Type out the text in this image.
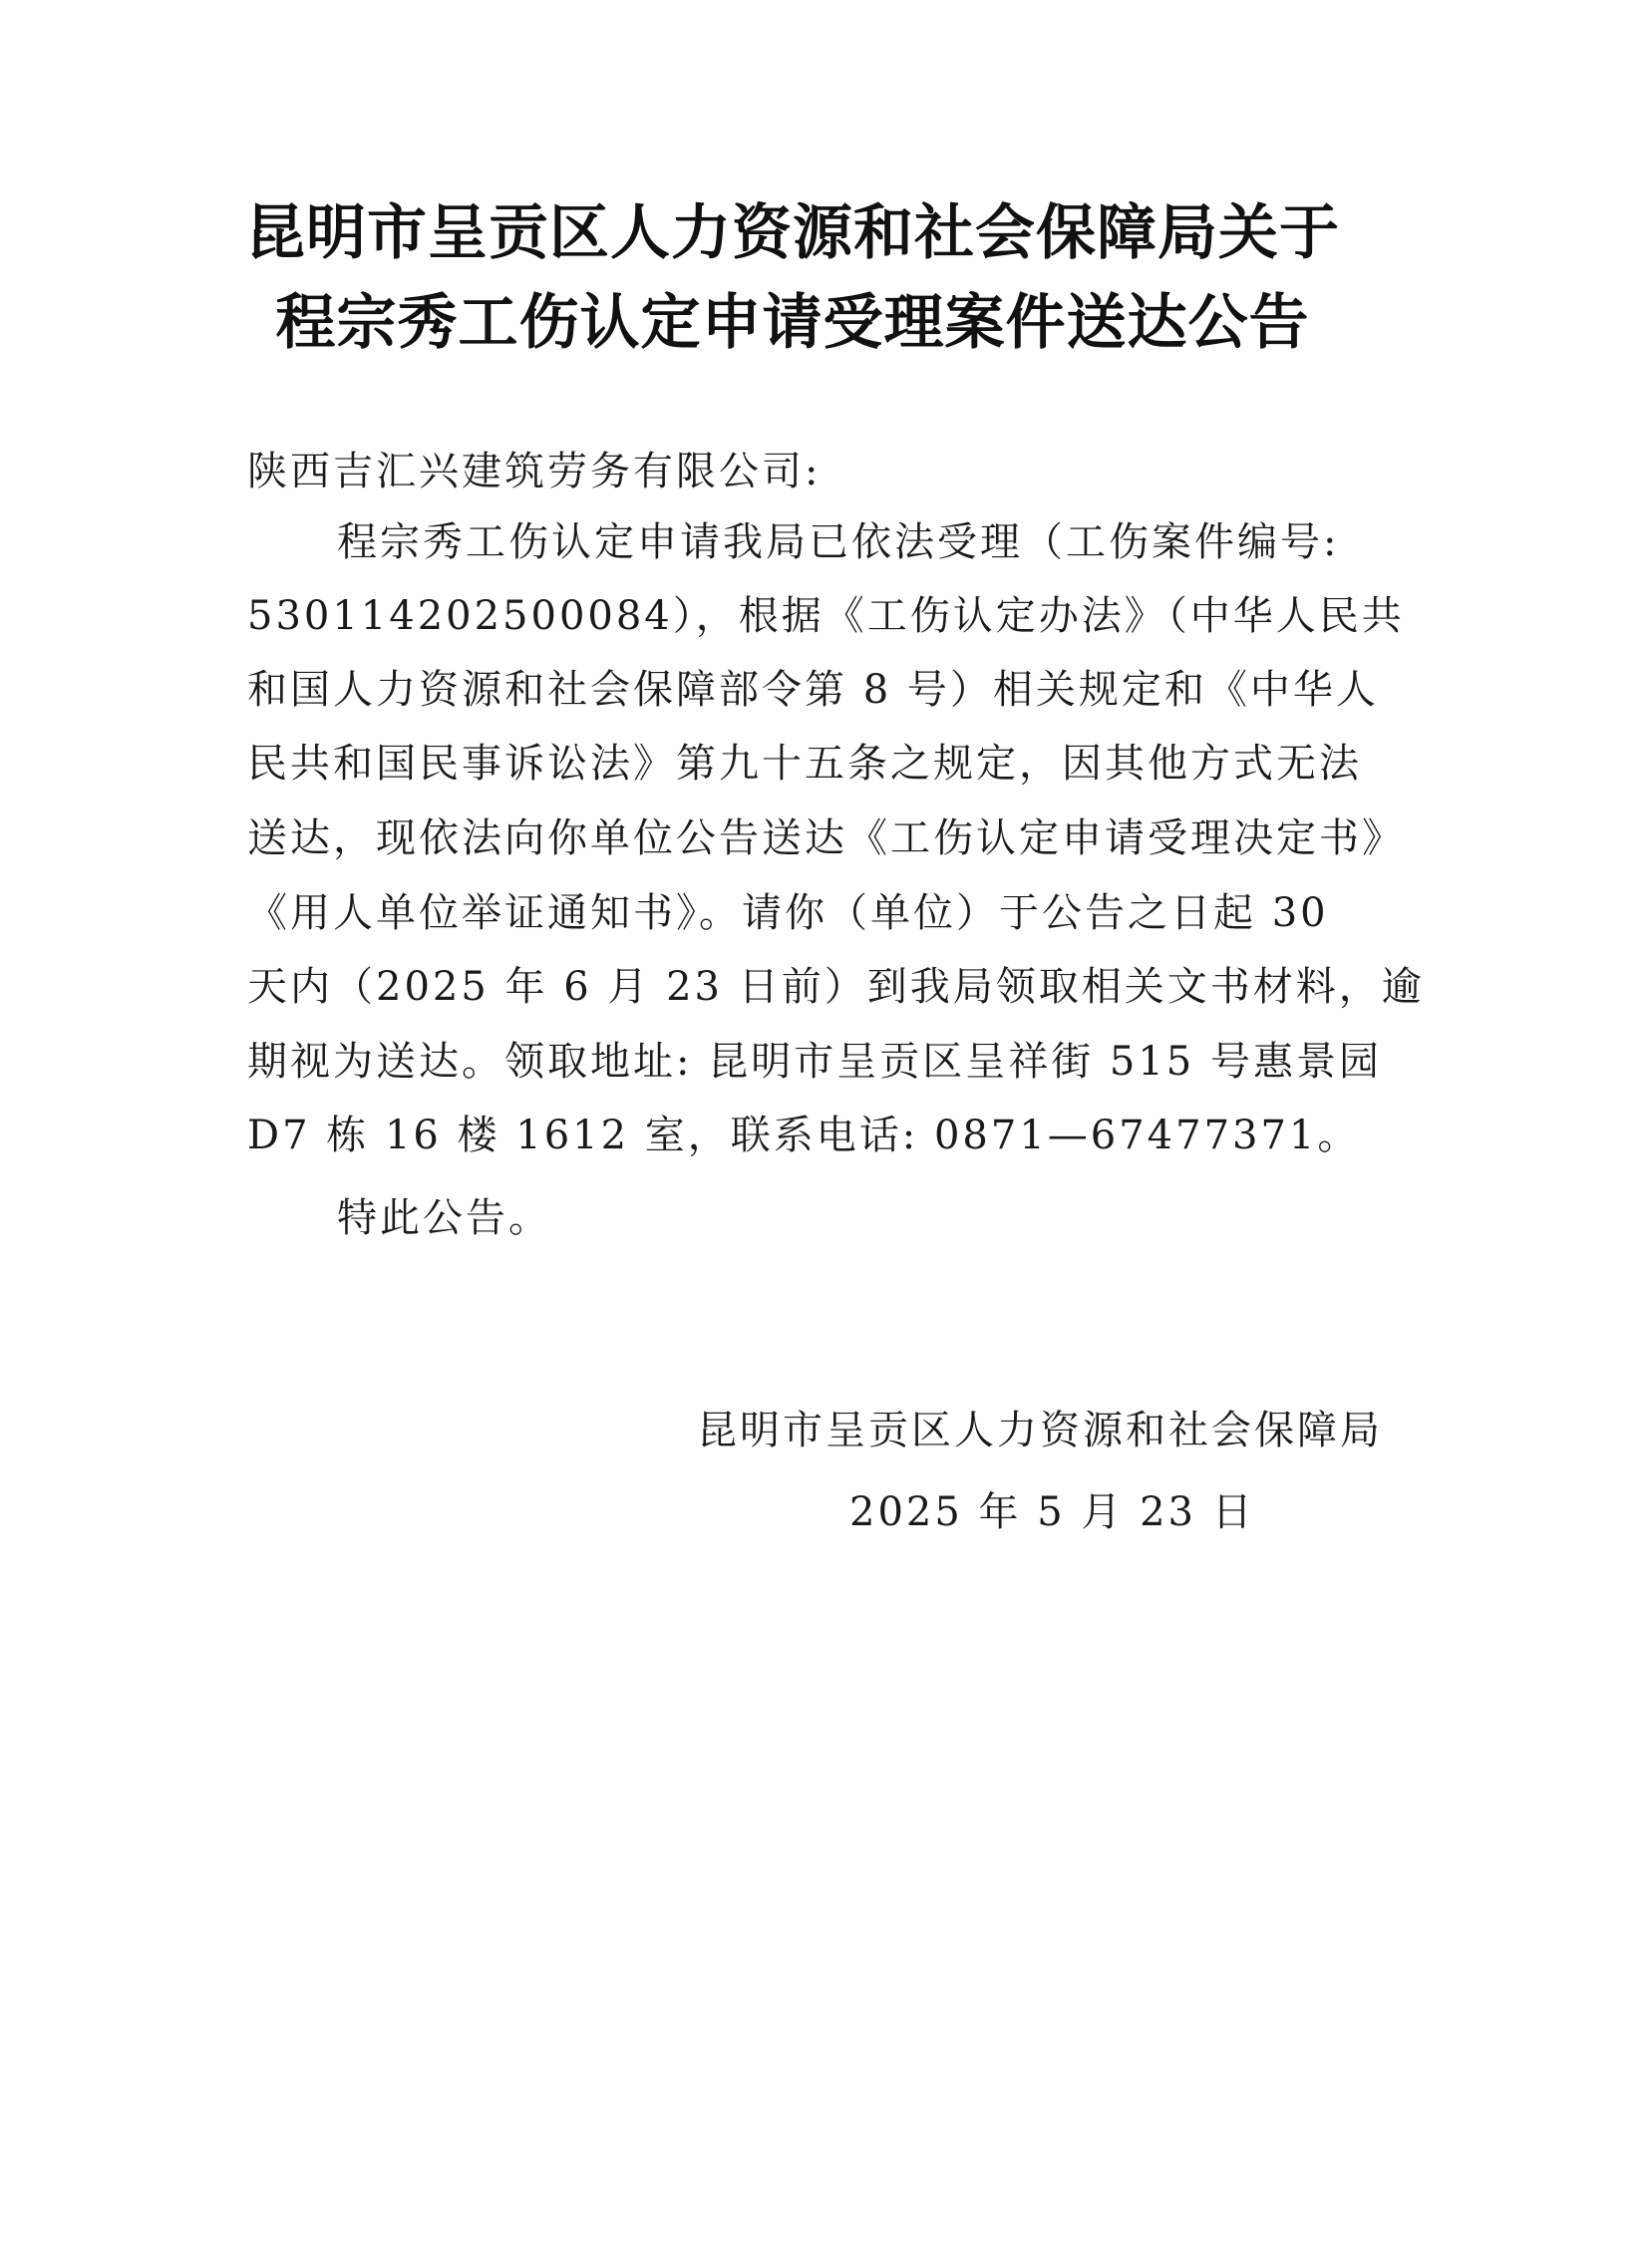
昆明市呈贡区人力资源和社会保障局关于
程宗秀工伤认定申请受理案件送达公告
陕西吉汇兴建筑劳务有限公司:
程宗秀工伤认定申请我局已依法受理（工伤案件编号:
530114202500084），根据《工伤认定办法》（中华人民共
和国人力资源和社会保障部令第 8 号）相关规定和《中华人
民共和国民事诉讼法》第九十五条之规定，因其他方式无法
送达，现依法向你单位公告送达《工伤认定申请受理决定书》
《用人单位举证通知书》。请你（单位）于公告之日起 30
天内（2025 年 6 月 23 日前）到我局领取相关文书材料，逾
期视为送达。领取地址: 昆明市呈贡区呈祥街 515 号惠景园
D7 栋 16 楼 1612 室，联系电话: 0871—67477371。
特此公告。
昆明市呈贡区人力资源和社会保障局
2025 年 5 月 23 日
